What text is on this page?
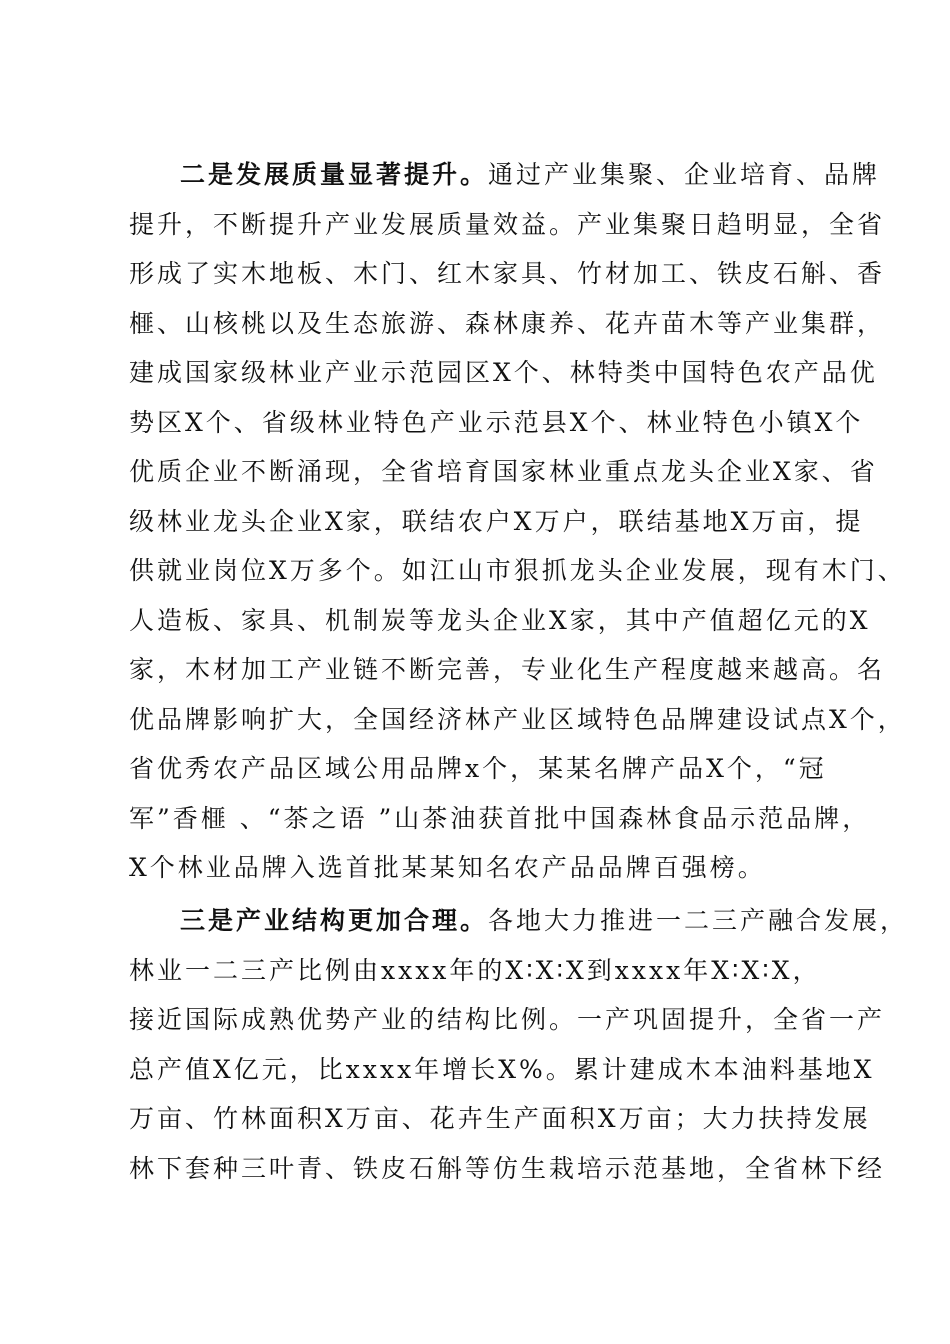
二是发展质量显著提升。通过产业集聚、企业培育、品牌
提升，不断提升产业发展质量效益。产业集聚日趋明显，全省
形成了实木地板、木门、红木家具、竹材加工、铁皮石斛、香
榧、山核桃以及生态旅游、森林康养、花卉苗木等产业集群，
建成国家级林业产业示范园区X个、林特类中国特色农产品优
势区X个、省级林业特色产业示范县X个、林业特色小镇X个
优质企业不断涌现，全省培育国家林业重点龙头企业X家、省
级林业龙头企业X家，联结农户X万户，联结基地X万亩，提
供就业岗位X万多个。如江山市狠抓龙头企业发展，现有木门、
人造板、家具、机制炭等龙头企业X家，其中产值超亿元的X
家，木材加工产业链不断完善，专业化生产程度越来越高。名
优品牌影响扩大，全国经济林产业区域特色品牌建设试点X个，
省优秀农产品区域公用品牌x个，某某名牌产品X个，“冠
军”香榧 、“茶之语 ”山茶油获首批中国森林食品示范品牌，
X个林业品牌入选首批某某知名农产品品牌百强榜。
三是产业结构更加合理。各地大力推进一二三产融合发展，
林业一二三产比例由xxxx年的X∶X∶X到xxxx年X∶X∶X，
接近国际成熟优势产业的结构比例。一产巩固提升，全省一产
总产值X亿元，比xxxx年增长X%。累计建成木本油料基地X
万亩、竹林面积X万亩、花卉生产面积X万亩；大力扶持发展
林下套种三叶青、铁皮石斛等仿生栽培示范基地，全省林下经
